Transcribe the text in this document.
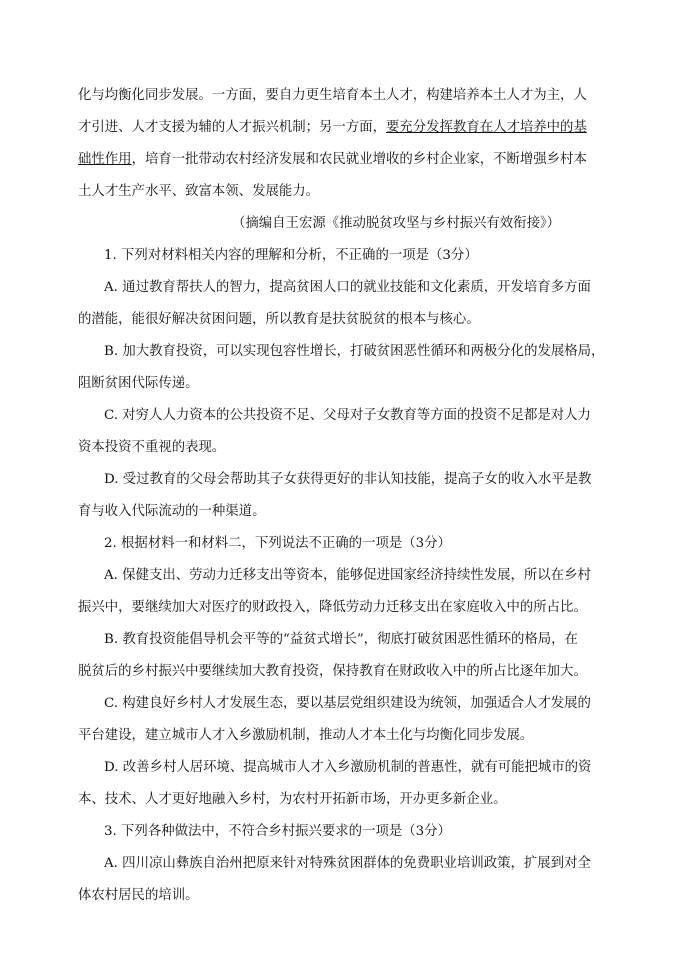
化与均衡化同步发展。一方面，要自力更生培育本土人才，构建培养本土人才为主，人
才引进、人才支援为辅的人才振兴机制；另一方面，要充分发挥教育在人才培养中的基
础性作用，培育一批带动农村经济发展和农民就业增收的乡村企业家，不断增强乡村本
土人才生产水平、致富本领、发展能力。
（摘编自王宏源《推动脱贫攻坚与乡村振兴有效衔接》）
1. 下列对材料相关内容的理解和分析，不正确的一项是（3分）
A. 通过教育帮扶人的智力，提高贫困人口的就业技能和文化素质，开发培育多方面
的潜能，能很好解决贫困问题，所以教育是扶贫脱贫的根本与核心。
B. 加大教育投资，可以实现包容性增长，打破贫困恶性循环和两极分化的发展格局，
阻断贫困代际传递。
C. 对穷人人力资本的公共投资不足、父母对子女教育等方面的投资不足都是对人力
资本投资不重视的表现。
D. 受过教育的父母会帮助其子女获得更好的非认知技能，提高子女的收入水平是教
育与收入代际流动的一种渠道。
2. 根据材料一和材料二，下列说法不正确的一项是（3分）
A. 保健支出、劳动力迁移支出等资本，能够促进国家经济持续性发展，所以在乡村
振兴中，要继续加大对医疗的财政投入，降低劳动力迁移支出在家庭收入中的所占比。
B. 教育投资能倡导机会平等的“益贫式增长”，彻底打破贫困恶性循环的格局，在
脱贫后的乡村振兴中要继续加大教育投资，保持教育在财政收入中的所占比逐年加大。
C. 构建良好乡村人才发展生态，要以基层党组织建设为统领，加强适合人才发展的
平台建设，建立城市人才入乡激励机制，推动人才本土化与均衡化同步发展。
D. 改善乡村人居环境、提高城市人才入乡激励机制的普惠性，就有可能把城市的资
本、技术、人才更好地融入乡村，为农村开拓新市场，开办更多新企业。
3. 下列各种做法中，不符合乡村振兴要求的一项是（3分）
A. 四川凉山彝族自治州把原来针对特殊贫困群体的免费职业培训政策，扩展到对全
体农村居民的培训。
